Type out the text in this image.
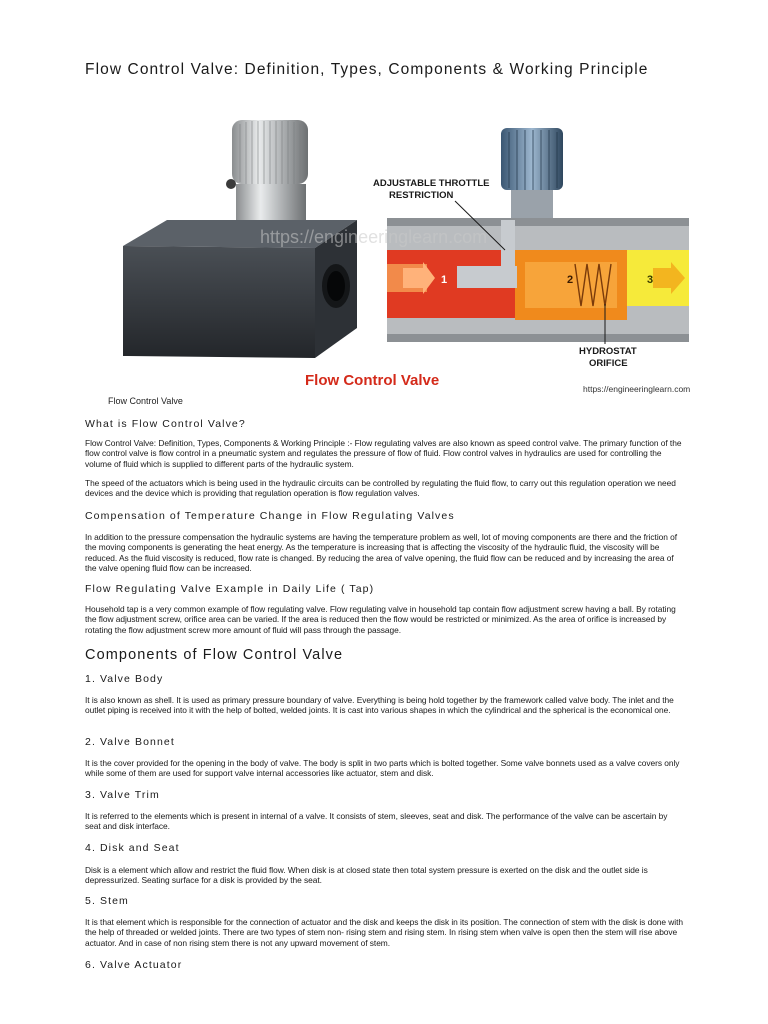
Flow Control Valve: Definition, Types, Components & Working Principle
1	2	3
ADJUSTABLE THROTTLE
RESTRICTION
HYDROSTAT
ORIFICE
Flow Control Valve	https://engineeringlearn.com
https://engineeringlearn.com
Flow Control Valve
What is Flow Control Valve?
Flow Control Valve: Definition, Types, Components & Working Principle :- Flow regulating valves are also known as speed control valve. The primary function of the flow control valve is flow control in a pneumatic system and regulates the pressure of flow of fluid. Flow control valves in hydraulics are used for controlling the volume of fluid which is supplied to different parts of the hydraulic system.
The speed of the actuators which is being used in the hydraulic circuits can be controlled by regulating the fluid flow, to carry out this regulation operation we need devices and the device which is providing that regulation operation is flow regulation valves.
Compensation of Temperature Change in Flow Regulating Valves
In addition to the pressure compensation the hydraulic systems are having the temperature problem as well, lot of moving components are there and the friction of the moving components is generating the heat energy. As the temperature is increasing that is affecting the viscosity of the hydraulic fluid, the viscosity will be reduced. As the fluid viscosity is reduced, flow rate is changed. By reducing the area of valve opening, the fluid flow can be reduced and by increasing the area of the valve opening fluid flow can be increased.
Flow Regulating Valve Example in Daily Life ( Tap)
Household tap is a very common example of flow regulating valve. Flow regulating valve in household tap contain flow adjustment screw having a ball. By rotating the flow adjustment screw, orifice area can be varied. If the area is reduced then the flow would be restricted or minimized. As the area of orifice is increased by rotating the flow adjustment screw more amount of fluid will pass through the passage.
Components of Flow Control Valve
1. Valve Body
It is also known as shell. It is used as primary pressure boundary of valve. Everything is being hold together by the framework called valve body. The inlet and the outlet piping is received into it with the help of bolted, welded joints. It is cast into various shapes in which the cylindrical and the spherical is the economical one.
2. Valve Bonnet
It is the cover provided for the opening in the body of valve. The body is split in two parts which is bolted together. Some valve bonnets used as a valve covers only while some of them are used for support valve internal accessories like actuator, stem and disk.
3. Valve Trim
It is referred to the elements which is present in internal of a valve. It consists of stem, sleeves, seat and disk. The performance of the valve can be ascertain by seat and disk interface.
4. Disk and Seat
Disk is a element which allow and restrict the fluid flow. When disk is at closed state then total system pressure is exerted on the disk and the outlet side is depressurized. Seating surface for a disk is provided by the seat.
5. Stem
It is that element which is responsible for the connection of actuator and the disk and keeps the disk in its position. The connection of stem with the disk is done with the help of threaded or welded joints. There are two types of stem non- rising stem and rising stem. In rising stem when valve is open then the stem will rise above actuator. And in case of non rising stem there is not any upward movement of stem.
6. Valve Actuator
